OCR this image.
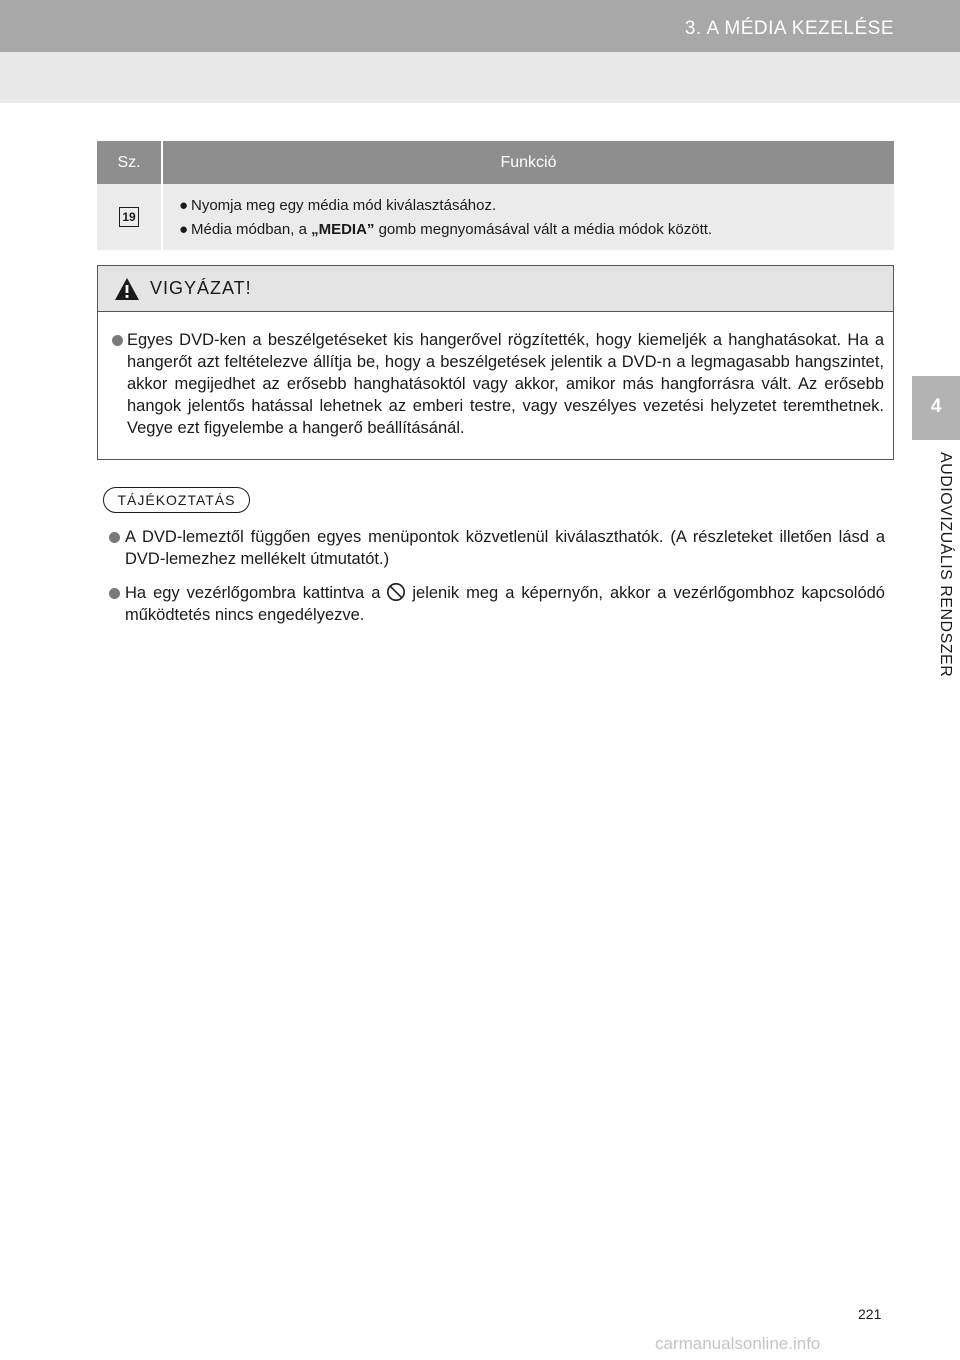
3. A MÉDIA KEZELÉSE
4
AUDIOVIZUÁLIS RENDSZER
Sz.	Funkció
19
● Nyomja meg egy média mód kiválasztásához.
● Média módban, a „MEDIA” gomb megnyomásával vált a média módok között.
VIGYÁZAT!
Egyes DVD-ken a beszélgetéseket kis hangerővel rögzítették, hogy kiemeljék a hanghatásokat. Ha a hangerőt azt feltételezve állítja be, hogy a beszélgetések jelentik a DVD-n a legmagasabb hangszintet, akkor megijedhet az erősebb hanghatásoktól vagy akkor, amikor más hangforrásra vált. Az erősebb hangok jelentős hatással lehetnek az emberi testre, vagy veszélyes vezetési helyzetet teremthetnek. Vegye ezt figyelembe a hangerő beállításánál.
TÁJÉKOZTATÁS
A DVD-lemeztől függően egyes menüpontok közvetlenül kiválaszthatók. (A részleteket illetően lásd a DVD-lemezhez mellékelt útmutatót.)
Ha egy vezérlőgombra kattintva a jelenik meg a képernyőn, akkor a vezérlőgombhoz kapcsolódó működtetés nincs engedélyezve.
221
carmanualsonline.info
